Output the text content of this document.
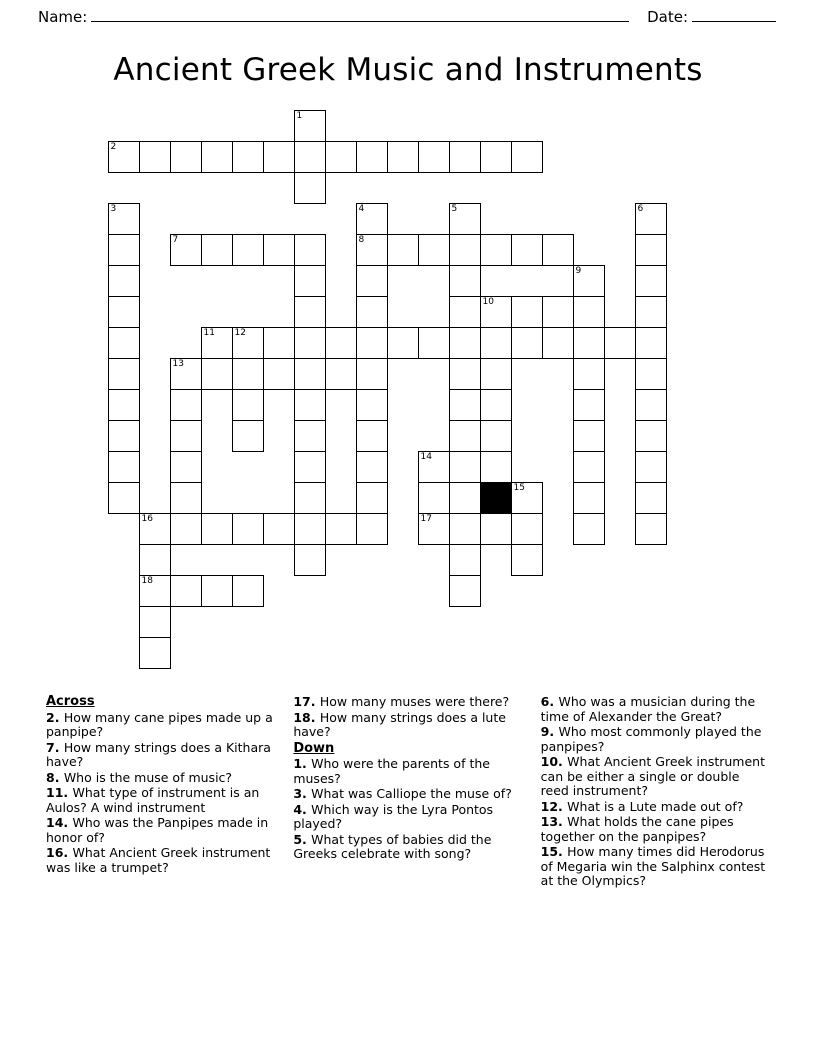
Name:	Date:
Ancient Greek Music and Instruments
1
2
3	4	5	6
7	8
9
10
11 12
13
14
15
16	17
18
Across
2. How many cane pipes made up a panpipe?
7. How many strings does a Kithara have?
8. Who is the muse of music?
11. What type of instrument is an Aulos? A wind instrument
14. Who was the Panpipes made in honor of?
16. What Ancient Greek instrument was like a trumpet?
17. How many muses were there?
18. How many strings does a lute have?
Down
1. Who were the parents of the muses?
3. What was Calliope the muse of?
4. Which way is the Lyra Pontos played?
5. What types of babies did the Greeks celebrate with song?
6. Who was a musician during the time of Alexander the Great?
9. Who most commonly played the panpipes?
10. What Ancient Greek instrument can be either a single or double reed instrument?
12. What is a Lute made out of?
13. What holds the cane pipes together on the panpipes?
15. How many times did Herodorus of Megaria win the Salphinx contest at the Olympics?
